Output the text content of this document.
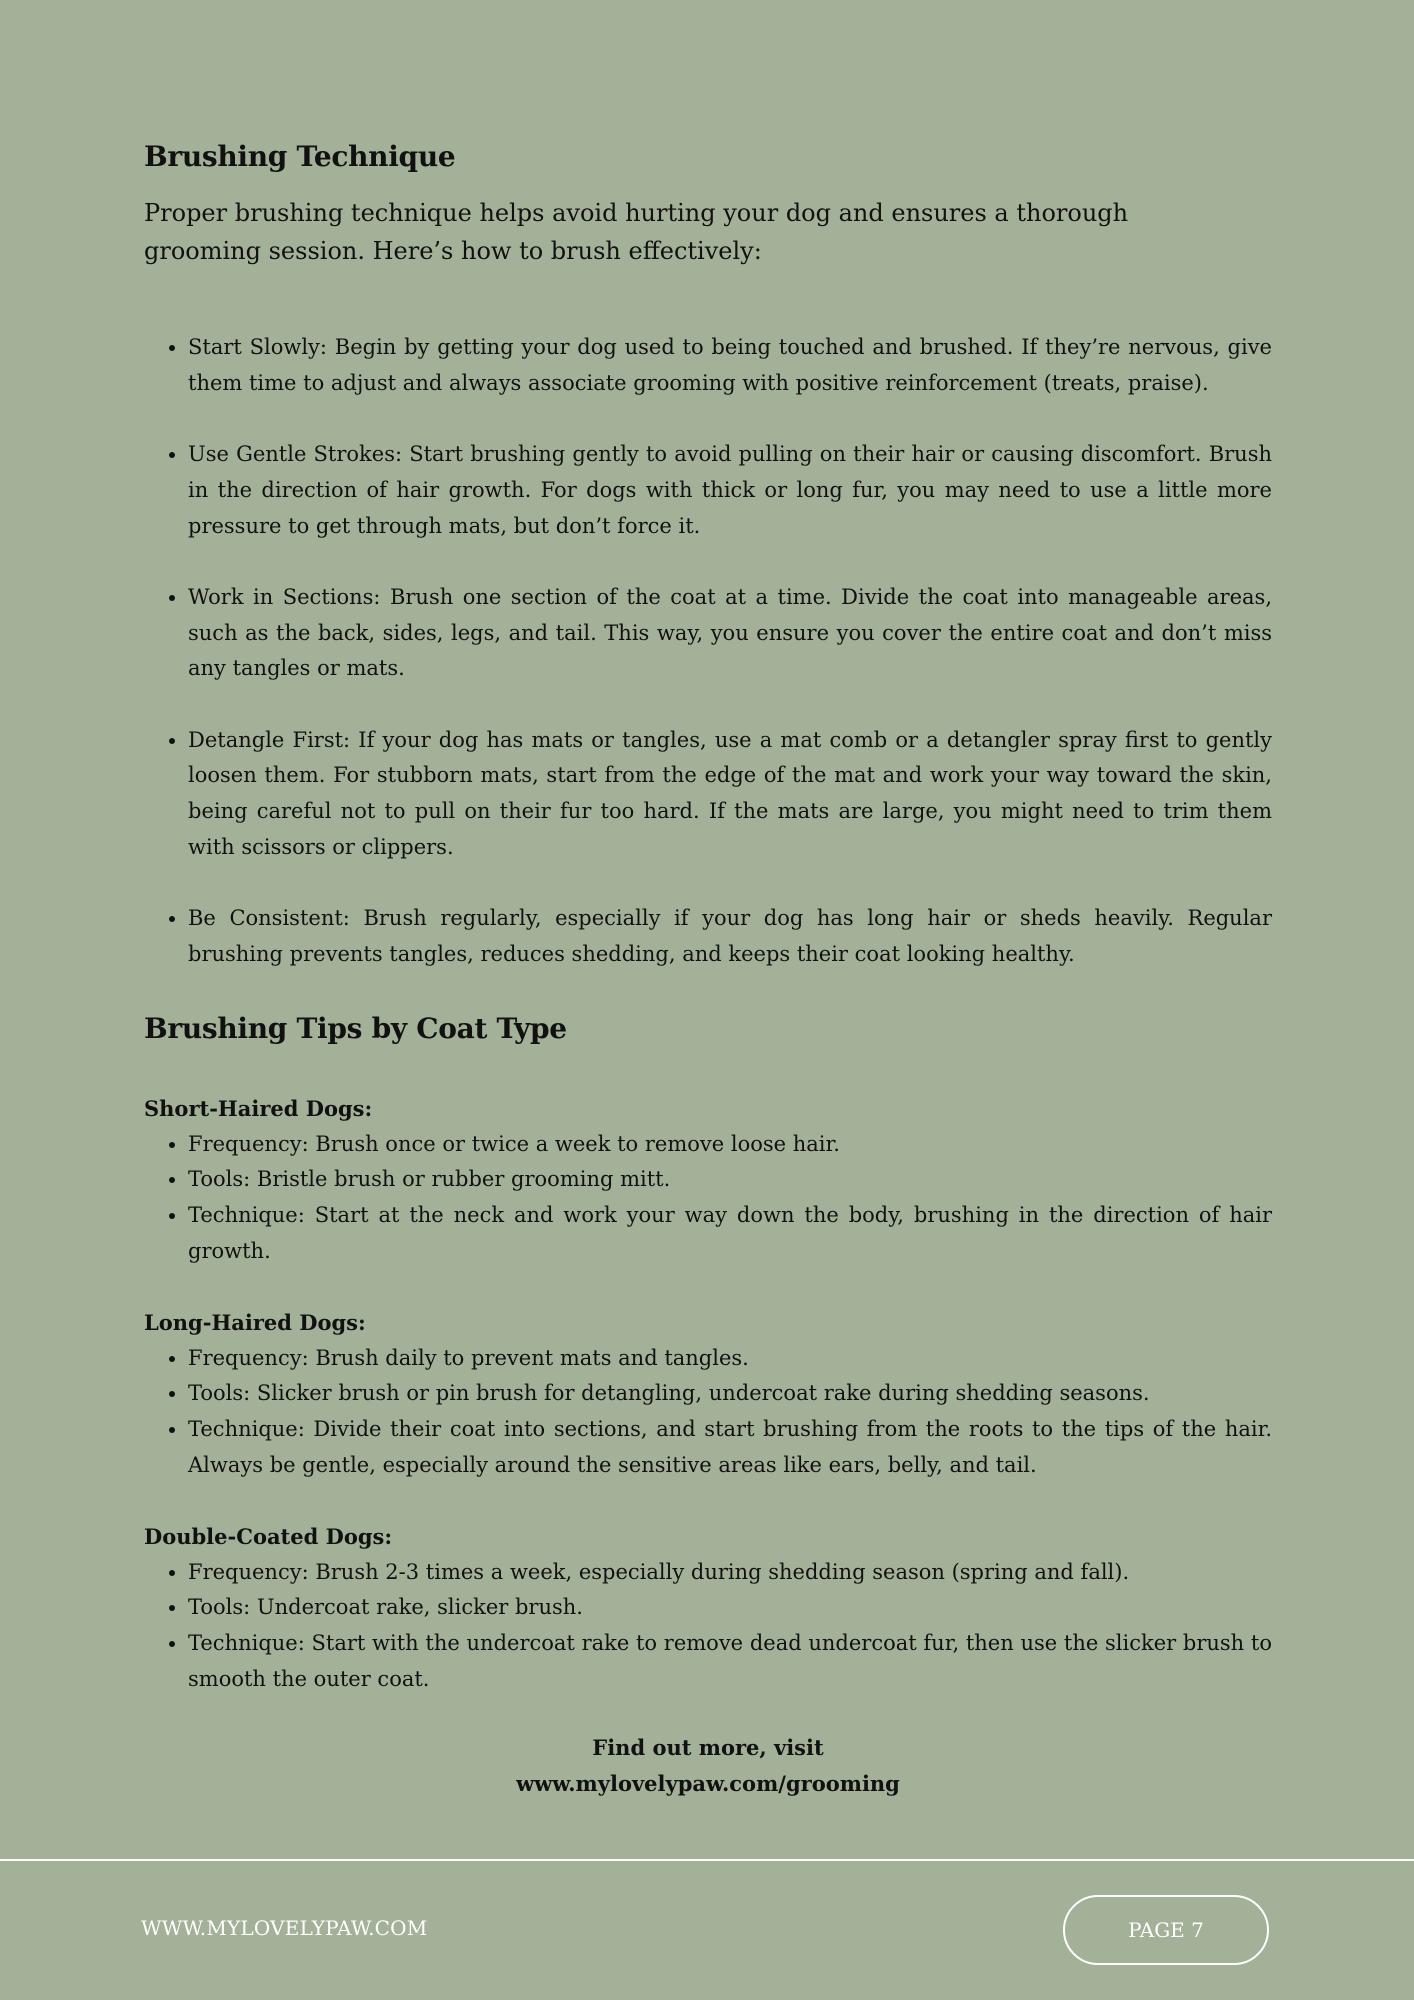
Brushing Technique

Proper brushing technique helps avoid hurting your dog and ensures a thorough grooming session. Here’s how to brush effectively:

• Start Slowly: Begin by getting your dog used to being touched and brushed. If they’re nervous, give them time to adjust and always associate grooming with positive reinforcement (treats, praise).
• Use Gentle Strokes: Start brushing gently to avoid pulling on their hair or causing discomfort. Brush in the direction of hair growth. For dogs with thick or long fur, you may need to use a little more pressure to get through mats, but don’t force it.
• Work in Sections: Brush one section of the coat at a time. Divide the coat into manageable areas, such as the back, sides, legs, and tail. This way, you ensure you cover the entire coat and don’t miss any tangles or mats.
• Detangle First: If your dog has mats or tangles, use a mat comb or a detangler spray first to gently loosen them. For stubborn mats, start from the edge of the mat and work your way toward the skin, being careful not to pull on their fur too hard. If the mats are large, you might need to trim them with scissors or clippers.
• Be Consistent: Brush regularly, especially if your dog has long hair or sheds heavily. Regular brushing prevents tangles, reduces shedding, and keeps their coat looking healthy.
Brushing Tips by Coat Type

Short-Haired Dogs:

• Frequency: Brush once or twice a week to remove loose hair.
• Tools: Bristle brush or rubber grooming mitt.
• Technique: Start at the neck and work your way down the body, brushing in the direction of hair growth.

Long-Haired Dogs:

• Frequency: Brush daily to prevent mats and tangles.
• Tools: Slicker brush or pin brush for detangling, undercoat rake during shedding seasons.
• Technique: Divide their coat into sections, and start brushing from the roots to the tips of the hair. Always be gentle, especially around the sensitive areas like ears, belly, and tail.

Double-Coated Dogs:

• Frequency: Brush 2-3 times a week, especially during shedding season (spring and fall).
• Tools: Undercoat rake, slicker brush.
• Technique: Start with the undercoat rake to remove dead undercoat fur, then use the slicker brush to smooth the outer coat.
Find out more, visit
www.mylovelypaw.com/grooming
WWW.MYLOVELYPAW.COM	PAGE 7
